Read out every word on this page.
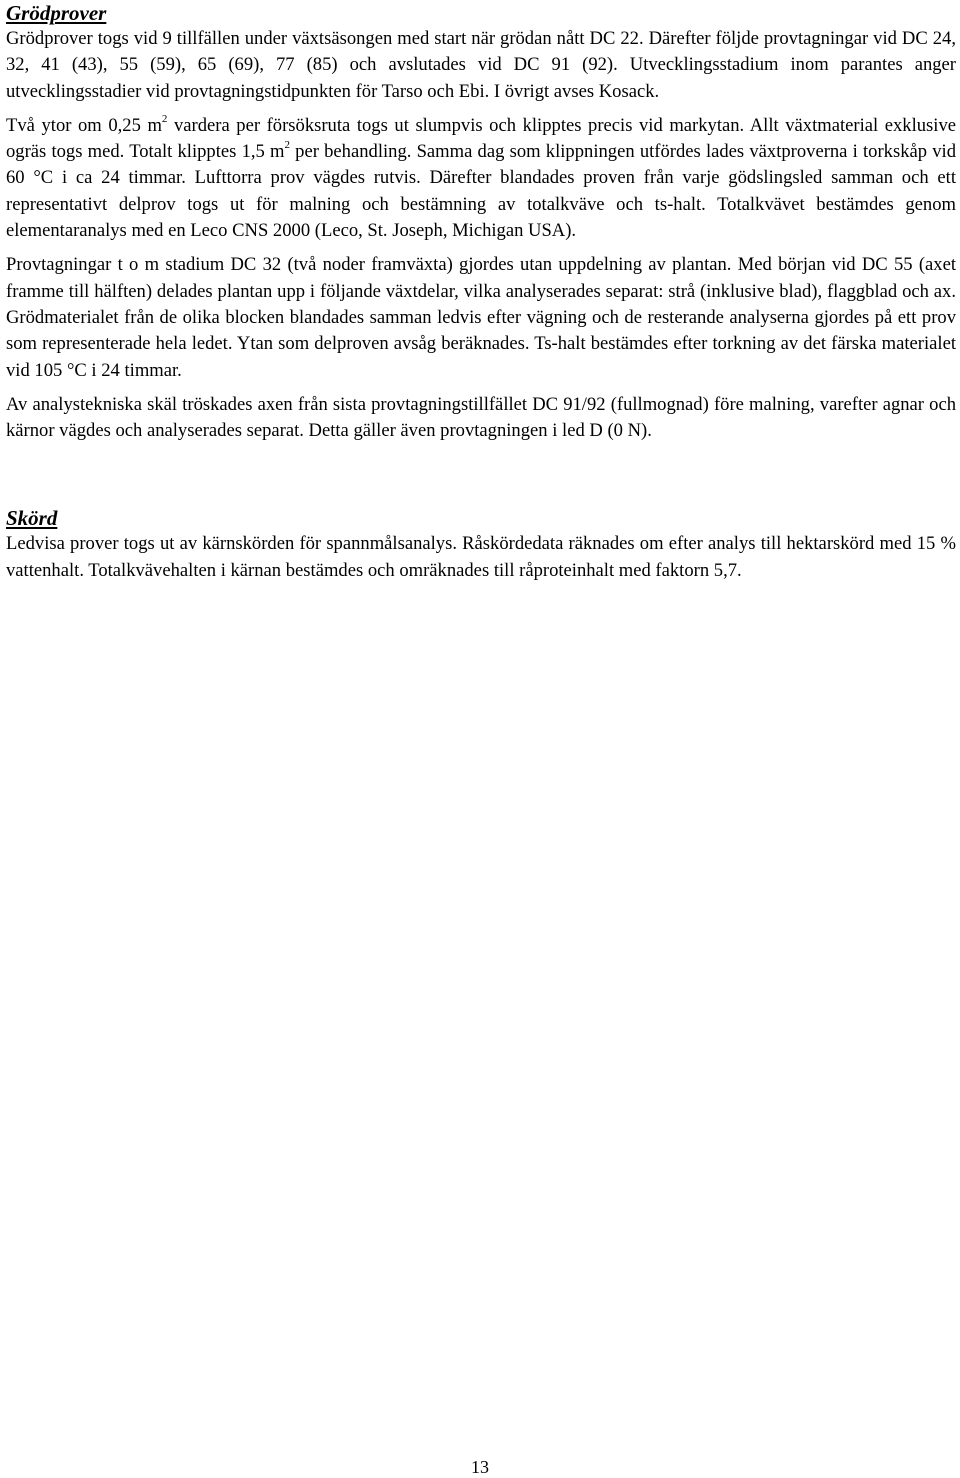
Grödprover

Grödprover togs vid 9 tillfällen under växtsäsongen med start när grödan nått DC 22. Därefter följde provtagningar vid DC 24, 32, 41 (43), 55 (59), 65 (69), 77 (85) och avslutades vid DC 91 (92). Utvecklingsstadium inom parantes anger utvecklingsstadier vid provtagningstidpunkten för Tarso och Ebi. I övrigt avses Kosack.

Två ytor om 0,25 $m^2$ vardera per försöksruta togs ut slumpvis och klipptes precis vid markytan. Allt växtmaterial exklusive ogräs togs med. Totalt klipptes 1,5 $m^2$ per behandling. Samma dag som klippningen utfördes lades växtproverna i torkskåp vid 60 °C i ca 24 timmar. Lufttorra prov vägdes rutvis. Därefter blandades proven från varje gödslingsled samman och ett representativt delprov togs ut för malning och bestämning av totalkväve och ts-halt. Totalkvävet bestämdes genom elementaranalys med en Leco CNS 2000 (Leco, St. Joseph, Michigan USA).

Provtagningar t o m stadium DC 32 (två noder framväxta) gjordes utan uppdelning av plantan. Med början vid DC 55 (axet framme till hälften) delades plantan upp i följande växtdelar, vilka analyserades separat: strå (inklusive blad), flaggblad och ax. Grödmaterialet från de olika blocken blandades samman ledvis efter vägning och de resterande analyserna gjordes på ett prov som representerade hela ledet. Ytan som delproven avsåg beräknades. Ts-halt bestämdes efter torkning av det färska materialet vid 105 °C i 24 timmar.

Av analystekniska skäl tröskades axen från sista provtagningstillfället DC 91/92 (fullmognad) före malning, varefter agnar och kärnor vägdes och analyserades separat. Detta gäller även provtagningen i led D (0 N).

Skörd

Ledvisa prover togs ut av kärnskörden för spannmålsanalys. Råskördedata räknades om efter analys till hektarskörd med 15 % vattenhalt. Totalkvävehalten i kärnan bestämdes och omräknades till råproteinhalt med faktorn 5,7.

13
